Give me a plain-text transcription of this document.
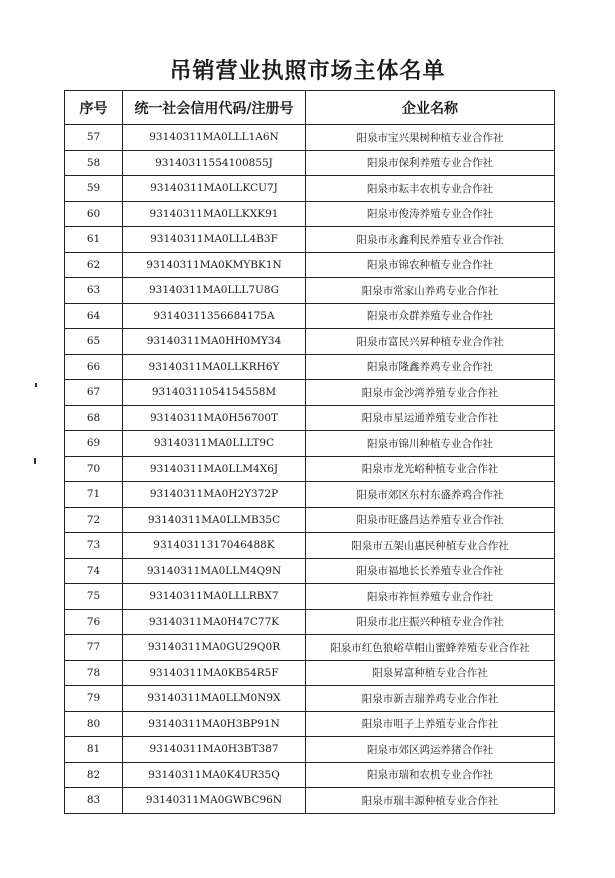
吊销营业执照市场主体名单
序号	统一社会信用代码/注册号	企业名称
57	93140311MA0LLL1A6N	阳泉市宝兴果树种植专业合作社
58	93140311554100855J	阳泉市保利养殖专业合作社
59	93140311MA0LLKCU7J	阳泉市耘丰农机专业合作社
60	93140311MA0LLKXK91	阳泉市俊涛养殖专业合作社
61	93140311MA0LLL4B3F	阳泉市永鑫利民养殖专业合作社
62	93140311MA0KMYBK1N	阳泉市锦农种植专业合作社
63	93140311MA0LLL7U8G	阳泉市常家山养鸡专业合作社
64	93140311356684175A	阳泉市众群养殖专业合作社
65	93140311MA0HH0MY34	阳泉市富民兴昇种植专业合作社
66	93140311MA0LLKRH6Y	阳泉市隆鑫养鸡专业合作社
67	93140311054154558M	阳泉市金沙湾养殖专业合作社
68	93140311MA0H56700T	阳泉市星运通养殖专业合作社
69	93140311MA0LLLT9C	阳泉市锦川种植专业合作社
70	93140311MA0LLM4X6J	阳泉市龙光峪种植专业合作社
71	93140311MA0H2Y372P	阳泉市郊区东村东盛养鸡合作社
72	93140311MA0LLMB35C	阳泉市旺盛昌达养殖专业合作社
73	93140311317046488K	阳泉市五架山惠民种植专业合作社
74	93140311MA0LLM4Q9N	阳泉市福地长长养殖专业合作社
75	93140311MA0LLLRBX7	阳泉市祚恒养殖专业合作社
76	93140311MA0H47C77K	阳泉市北庄振兴种植专业合作社
77	93140311MA0GU29Q0R	阳泉市红色狼峪草帽山蜜蜂养殖专业合作社
78	93140311MA0KB54R5F	阳泉昇富种植专业合作社
79	93140311MA0LLM0N9X	阳泉市新吉瑞养鸡专业合作社
80	93140311MA0H3BP91N	阳泉市咀子上养殖专业合作社
81	93140311MA0H3BT387	阳泉市郊区鸿运养猪合作社
82	93140311MA0K4UR35Q	阳泉市瑞和农机专业合作社
83	93140311MA0GWBC96N	阳泉市瑞丰源种植专业合作社
